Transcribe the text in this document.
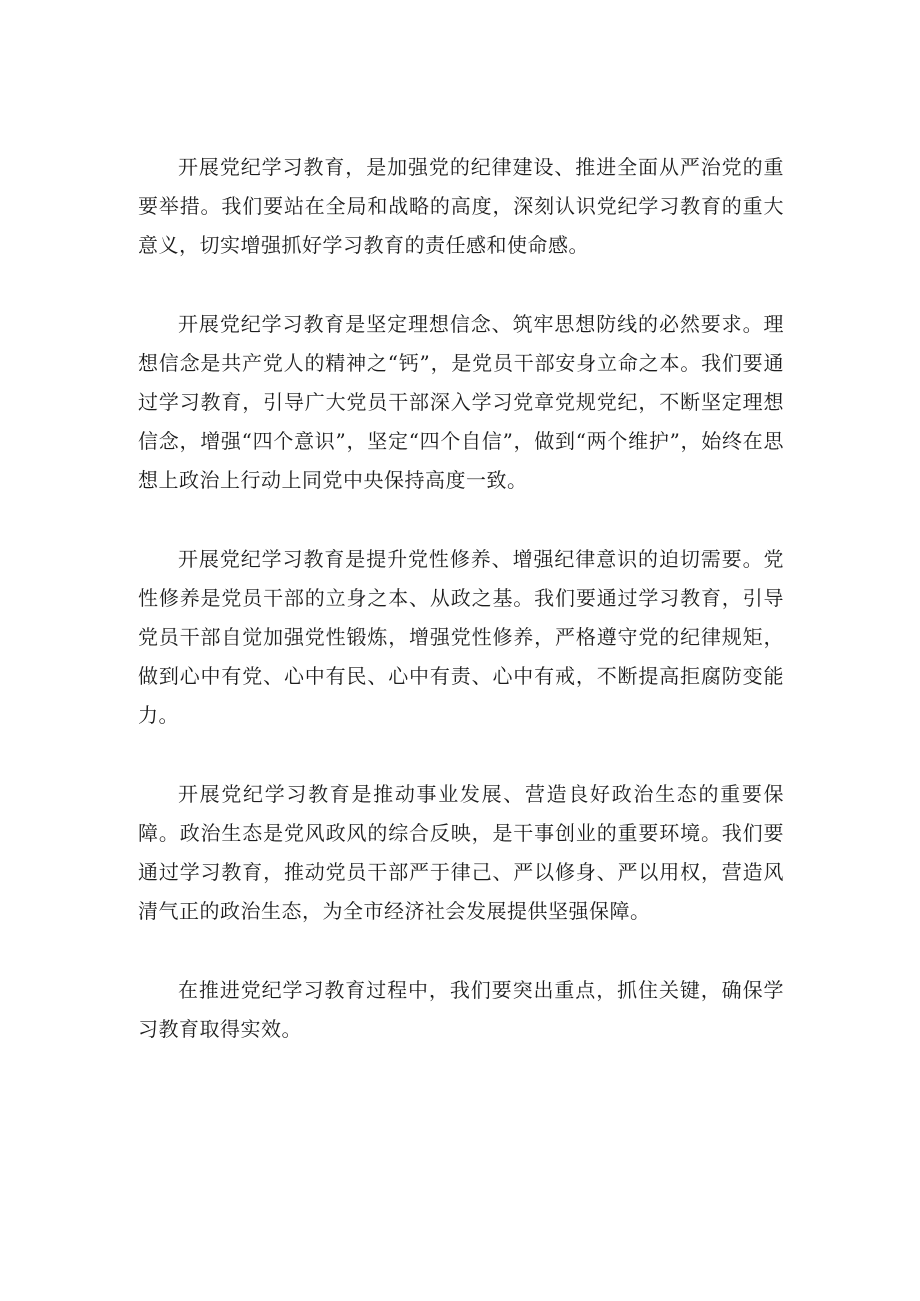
开展党纪学习教育，是加强党的纪律建设、推进全面从严治党的重要举措。我们要站在全局和战略的高度，深刻认识党纪学习教育的重大意义，切实增强抓好学习教育的责任感和使命感。

开展党纪学习教育是坚定理想信念、筑牢思想防线的必然要求。理想信念是共产党人的精神之“钙”，是党员干部安身立命之本。我们要通过学习教育，引导广大党员干部深入学习党章党规党纪，不断坚定理想信念，增强“四个意识”，坚定“四个自信”，做到“两个维护”，始终在思想上政治上行动上同党中央保持高度一致。

开展党纪学习教育是提升党性修养、增强纪律意识的迫切需要。党性修养是党员干部的立身之本、从政之基。我们要通过学习教育，引导党员干部自觉加强党性锻炼，增强党性修养，严格遵守党的纪律规矩，做到心中有党、心中有民、心中有责、心中有戒，不断提高拒腐防变能力。

开展党纪学习教育是推动事业发展、营造良好政治生态的重要保障。政治生态是党风政风的综合反映，是干事创业的重要环境。我们要通过学习教育，推动党员干部严于律己、严以修身、严以用权，营造风清气正的政治生态，为全市经济社会发展提供坚强保障。

在推进党纪学习教育过程中，我们要突出重点，抓住关键，确保学习教育取得实效。
